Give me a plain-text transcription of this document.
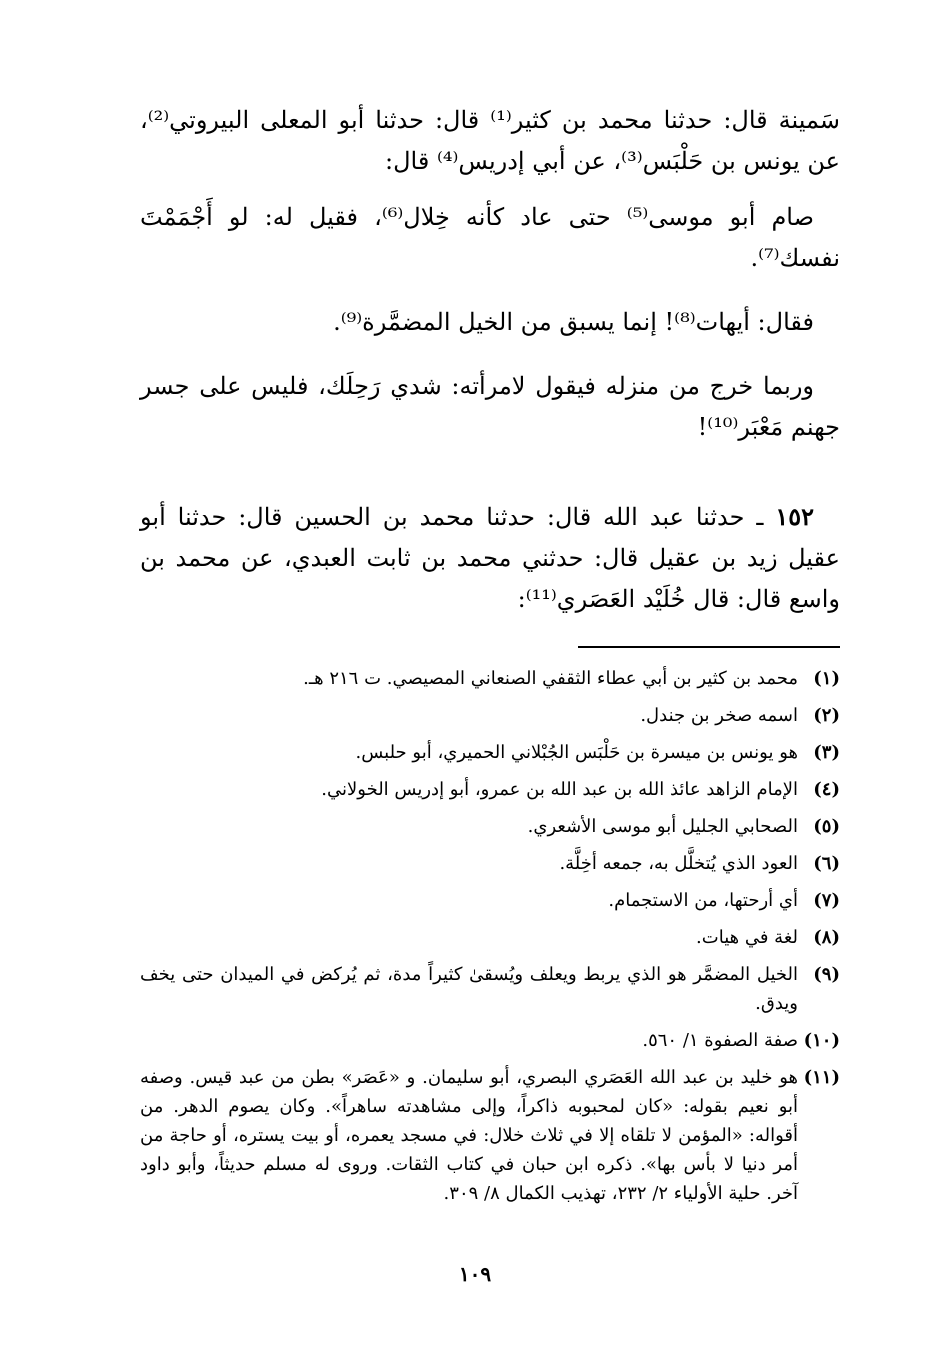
سَمينة قال: حدثنا محمد بن كثير⁽¹⁾ قال: حدثنا أبو المعلى البيروتي⁽²⁾، عن يونس بن حَلْبَس⁽³⁾، عن أبي إدريس⁽⁴⁾ قال:

صام أبو موسى⁽⁵⁾ حتى عاد كأنه خِلال⁽⁶⁾، فقيل له: لو أَجْمَمْتَ نفسك⁽⁷⁾.

فقال: أيهات⁽⁸⁾! إنما يسبق من الخيل المضمَّرة⁽⁹⁾.

وربما خرج من منزله فيقول لامرأته: شدي رَحِلَك، فليس على جسر جهنم مَعْبَر⁽¹⁰⁾!

١٥٢ ـ حدثنا عبد الله قال: حدثنا محمد بن الحسين قال: حدثنا أبو عقيل زيد بن عقيل قال: حدثني محمد بن ثابت العبدي، عن محمد بن واسع قال: قال خُلَيْد العَصَري⁽¹¹⁾:

(١)
محمد بن كثير بن أبي عطاء الثقفي الصنعاني المصيصي. ت ٢١٦ هـ.
(٢)
اسمه صخر بن جندل.
(٣)
هو يونس بن ميسرة بن حَلْبَس الجُبْلاني الحميري، أبو حلبس.
(٤)
الإمام الزاهد عائذ الله بن عبد الله بن عمرو، أبو إدريس الخولاني.
(٥)
الصحابي الجليل أبو موسى الأشعري.
(٦)
العود الذي يُتخلَّل به، جمعه أخِلَّة.
(٧)
أي أرحتها، من الاستجمام.
(٨)
لغة في هيات.
(٩)
الخيل المضمَّر هو الذي يربط ويعلف ويُسقىٰ كثيراً مدة، ثم يُركض في الميدان حتى يخف ويدق.
(١٠)
صفة الصفوة ١/ ٥٦٠.
(١١)
هو خليد بن عبد الله العَصَري البصري، أبو سليمان. و «عَصَر» بطن من عبد قيس. وصفه أبو نعيم بقوله: «كان لمحبوبه ذاكراً، وإلى مشاهدته ساهراً». وكان يصوم الدهر. من أقواله: «المؤمن لا تلقاه إلا في ثلاث خلال: في مسجد يعمره، أو بيت يستره، أو حاجة من أمر دنيا لا بأس بها». ذكره ابن حبان في كتاب الثقات. وروى له مسلم حديثاً، وأبو داود آخر. حلية الأولياء ٢/ ٢٣٢، تهذيب الكمال ٨/ ٣٠٩.
١٠٩
